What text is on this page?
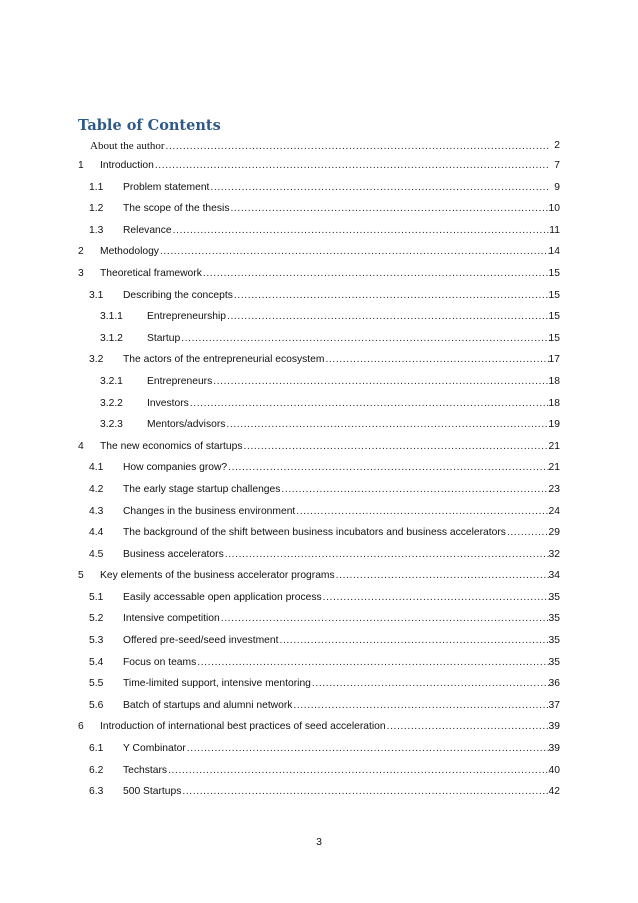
Table of Contents
About the author .....	2
1 Introduction .....	7
1.1 Problem statement .....	9
1.2 The scope of the thesis .....	10
1.3 Relevance .....	11
2 Methodology .....	14
3 Theoretical framework .....	15
3.1 Describing the concepts .....	15
3.1.1 Entrepreneurship .....	15
3.1.2 Startup .....	15
3.2 The actors of the entrepreneurial ecosystem .....	17
3.2.1 Entrepreneurs .....	18
3.2.2 Investors .....	18
3.2.3 Mentors/advisors .....	19
4 The new economics of startups .....	21
4.1 How companies grow? .....	21
4.2 The early stage startup challenges .....	23
4.3 Changes in the business environment .....	24
4.4 The background of the shift between business incubators and business accelerators .....	29
4.5 Business accelerators .....	32
5 Key elements of the business accelerator programs .....	34
5.1 Easily accessable open application process .....	35
5.2 Intensive competition .....	35
5.3 Offered pre-seed/seed investment .....	35
5.4 Focus on teams .....	35
5.5 Time-limited support, intensive mentoring .....	36
5.6 Batch of startups and alumni network .....	37
6 Introduction of international best practices of seed acceleration .....	39
6.1 Y Combinator .....	39
6.2 Techstars .....	40
6.3 500 Startups .....	42
3
